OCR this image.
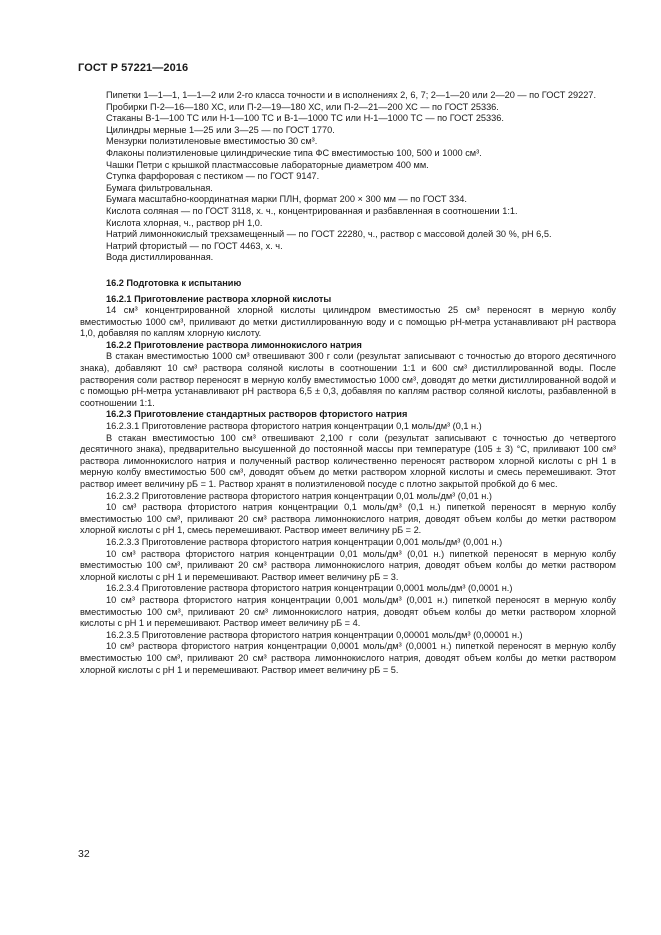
ГОСТ Р 57221—2016

Пипетки 1—1—1, 1—1—2 или 2-го класса точности и в исполнениях 2, 6, 7; 2—1—20 или 2—20 — по ГОСТ 29227.

Пробирки П-2—16—180 ХС, или П-2—19—180 ХС, или П-2—21—200 ХС — по ГОСТ 25336.

Стаканы В-1—100 ТС или Н-1—100 ТС и В-1—1000 ТС или Н-1—1000 ТС — по ГОСТ 25336.

Цилиндры мерные 1—25 или 3—25 — по ГОСТ 1770.

Мензурки полиэтиленовые вместимостью 30 см³.

Флаконы полиэтиленовые цилиндрические типа ФС вместимостью 100, 500 и 1000 см³.

Чашки Петри с крышкой пластмассовые лабораторные диаметром 400 мм.

Ступка фарфоровая с пестиком — по ГОСТ 9147.

Бумага фильтровальная.

Бумага масштабно-координатная марки ПЛН, формат 200 × 300 мм — по ГОСТ 334.

Кислота соляная — по ГОСТ 3118, х. ч., концентрированная и разбавленная в соотношении 1:1.

Кислота хлорная, ч., раствор рН 1,0.

Натрий лимоннокислый трехзамещенный — по ГОСТ 22280, ч., раствор с массовой долей 30 %, рН 6,5.

Натрий фтористый — по ГОСТ 4463, х. ч.

Вода дистиллированная.

16.2 Подготовка к испытанию

16.2.1 Приготовление раствора хлорной кислоты

14 см³ концентрированной хлорной кислоты цилиндром вместимостью 25 см³ переносят в мерную колбу вместимостью 1000 см³, приливают до метки дистиллированную воду и с помощью рН-метра устанавливают рН раствора 1,0, добавляя по каплям хлорную кислоту.

16.2.2 Приготовление раствора лимоннокислого натрия

В стакан вместимостью 1000 см³ отвешивают 300 г соли (результат записывают с точностью до второго десятичного знака), добавляют 10 см³ раствора соляной кислоты в соотношении 1:1 и 600 см³ дистиллированной воды. После растворения соли раствор переносят в мерную колбу вместимостью 1000 см³, доводят до метки дистиллированной водой и с помощью рН-метра устанавливают рН раствора 6,5 ± 0,3, добавляя по каплям раствор соляной кислоты, разбавленной в соотношении 1:1.

16.2.3 Приготовление стандартных растворов фтористого натрия

16.2.3.1 Приготовление раствора фтористого натрия концентрации 0,1 моль/дм³ (0,1 н.)

В стакан вместимостью 100 см³ отвешивают 2,100 г соли (результат записывают с точностью до четвертого десятичного знака), предварительно высушенной до постоянной массы при температуре (105 ± 3) °С, приливают 100 см³ раствора лимоннокислого натрия и полученный раствор количественно переносят раствором хлорной кислоты с рН 1 в мерную колбу вместимостью 500 см³, доводят объем до метки раствором хлорной кислоты и смесь перемешивают. Этот раствор имеет величину рБ = 1. Раствор хранят в полиэтиленовой посуде с плотно закрытой пробкой до 6 мес.

16.2.3.2 Приготовление раствора фтористого натрия концентрации 0,01 моль/дм³ (0,01 н.)

10 см³ раствора фтористого натрия концентрации 0,1 моль/дм³ (0,1 н.) пипеткой переносят в мерную колбу вместимостью 100 см³, приливают 20 см³ раствора лимоннокислого натрия, доводят объем колбы до метки раствором хлорной кислоты с рН 1, смесь перемешивают. Раствор имеет величину рБ = 2.

16.2.3.3 Приготовление раствора фтористого натрия концентрации 0,001 моль/дм³ (0,001 н.)

10 см³ раствора фтористого натрия концентрации 0,01 моль/дм³ (0,01 н.) пипеткой переносят в мерную колбу вместимостью 100 см³, приливают 20 см³ раствора лимоннокислого натрия, доводят объем колбы до метки раствором хлорной кислоты с рН 1 и перемешивают. Раствор имеет величину рБ = 3.

16.2.3.4 Приготовление раствора фтористого натрия концентрации 0,0001 моль/дм³ (0,0001 н.)

10 см³ раствора фтористого натрия концентрации 0,001 моль/дм³ (0,001 н.) пипеткой переносят в мерную колбу вместимостью 100 см³, приливают 20 см³ лимоннокислого натрия, доводят объем колбы до метки раствором хлорной кислоты с рН 1 и перемешивают. Раствор имеет величину рБ = 4.

16.2.3.5 Приготовление раствора фтористого натрия концентрации 0,00001 моль/дм³ (0,00001 н.)

10 см³ раствора фтористого натрия концентрации 0,0001 моль/дм³ (0,0001 н.) пипеткой переносят в мерную колбу вместимостью 100 см³, приливают 20 см³ раствора лимоннокислого натрия, доводят объем колбы до метки раствором хлорной кислоты с рН 1 и перемешивают. Раствор имеет величину рБ = 5.

32
